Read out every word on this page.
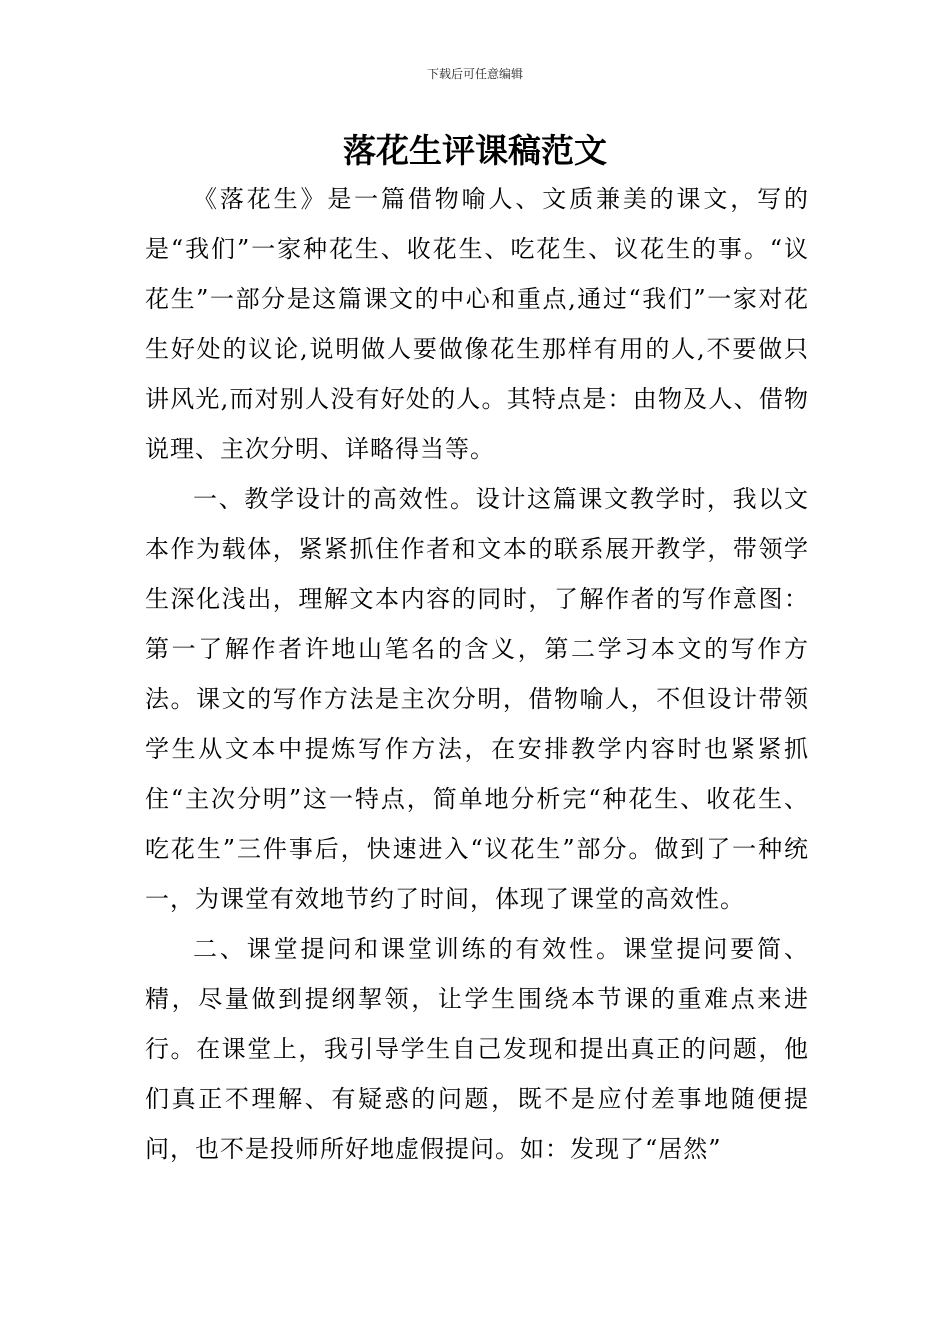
下载后可任意编辑
落花生评课稿范文

《落花生》是一篇借物喻人、文质兼美的课文，写的是“我们”一家种花生、收花生、吃花生、议花生的事。“议花生”一部分是这篇课文的中心和重点,通过“我们”一家对花生好处的议论,说明做人要做像花生那样有用的人,不要做只讲风光,而对别人没有好处的人。其特点是：由物及人、借物说理、主次分明、详略得当等。

一、教学设计的高效性。设计这篇课文教学时，我以文本作为载体，紧紧抓住作者和文本的联系展开教学，带领学生深化浅出，理解文本内容的同时，了解作者的写作意图：第一了解作者许地山笔名的含义，第二学习本文的写作方法。课文的写作方法是主次分明，借物喻人，不但设计带领学生从文本中提炼写作方法，在安排教学内容时也紧紧抓住“主次分明”这一特点，简单地分析完“种花生、收花生、吃花生”三件事后，快速进入“议花生”部分。做到了一种统一，为课堂有效地节约了时间，体现了课堂的高效性。

二、课堂提问和课堂训练的有效性。课堂提问要简、精，尽量做到提纲挈领，让学生围绕本节课的重难点来进行。在课堂上，我引导学生自己发现和提出真正的问题，他们真正不理解、有疑惑的问题，既不是应付差事地随便提问，也不是投师所好地虚假提问。如：发现了“居然”
